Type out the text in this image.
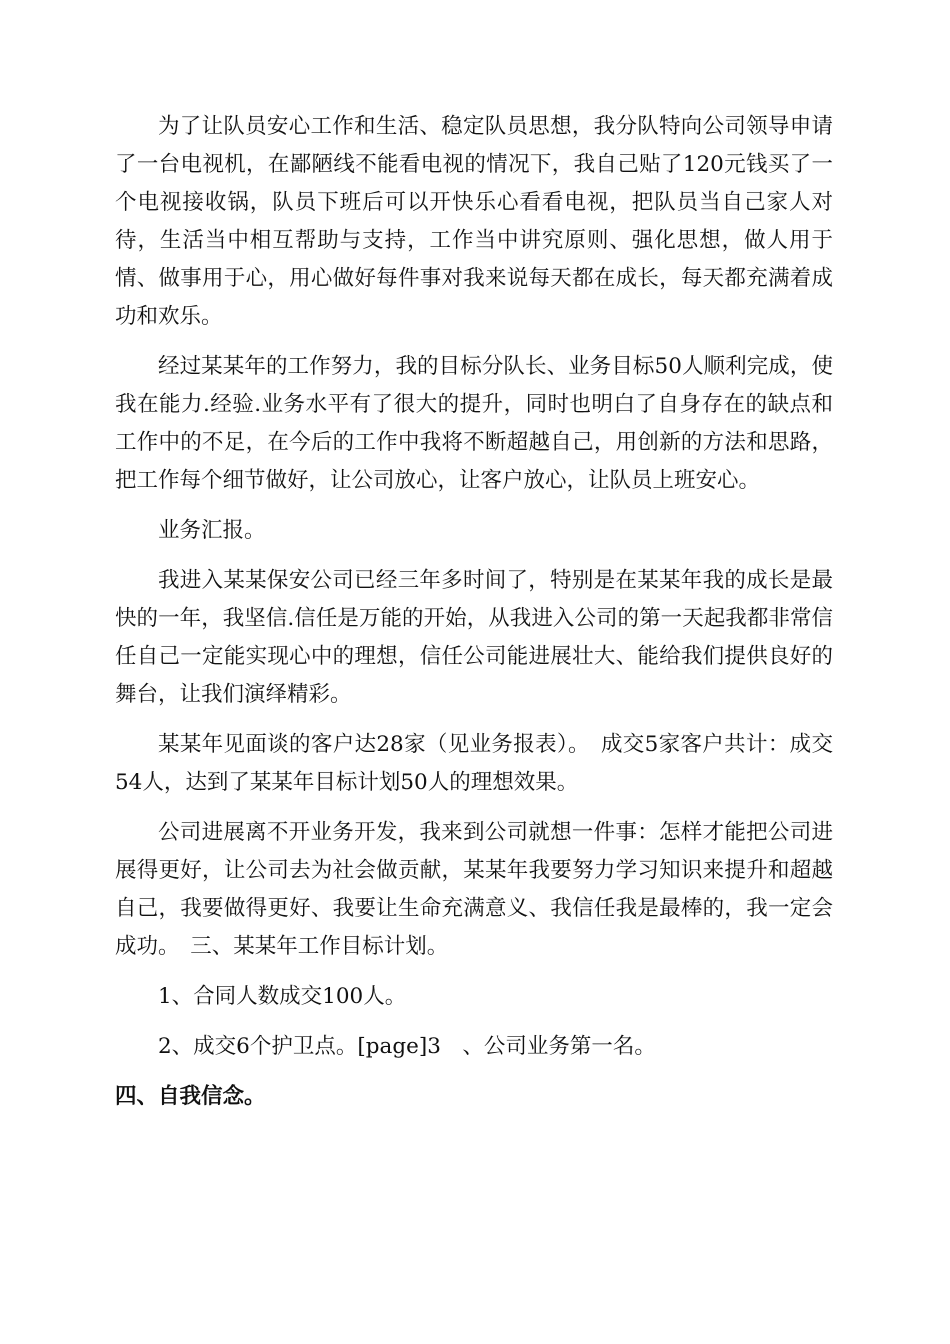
为了让队员安心工作和生活、稳定队员思想，我分队特向公司领导申请了一台电视机，在鄙陋线不能看电视的情况下，我自己贴了120元钱买了一个电视接收锅，队员下班后可以开快乐心看看电视，把队员当自己家人对待，生活当中相互帮助与支持，工作当中讲究原则、强化思想，做人用于情、做事用于心，用心做好每件事对我来说每天都在成长，每天都充满着成功和欢乐。

经过某某年的工作努力，我的目标分队长、业务目标50人顺利完成，使我在能力.经验.业务水平有了很大的提升，同时也明白了自身存在的缺点和工作中的不足，在今后的工作中我将不断超越自己，用创新的方法和思路，把工作每个细节做好，让公司放心，让客户放心，让队员上班安心。

业务汇报。

我进入某某保安公司已经三年多时间了，特别是在某某年我的成长是最快的一年，我坚信.信任是万能的开始，从我进入公司的第一天起我都非常信任自己一定能实现心中的理想，信任公司能进展壮大、能给我们提供良好的舞台，让我们演绎精彩。

某某年见面谈的客户达28家（见业务报表）。　成交5家客户共计：成交54人，达到了某某年目标计划50人的理想效果。

公司进展离不开业务开发，我来到公司就想一件事：怎样才能把公司进展得更好，让公司去为社会做贡献，某某年我要努力学习知识来提升和超越自己，我要做得更好、我要让生命充满意义、我信任我是最棒的，我一定会成功。　三、某某年工作目标计划。

1、合同人数成交100人。

2、成交6个护卫点。[page]3　、公司业务第一名。

四、自我信念。
